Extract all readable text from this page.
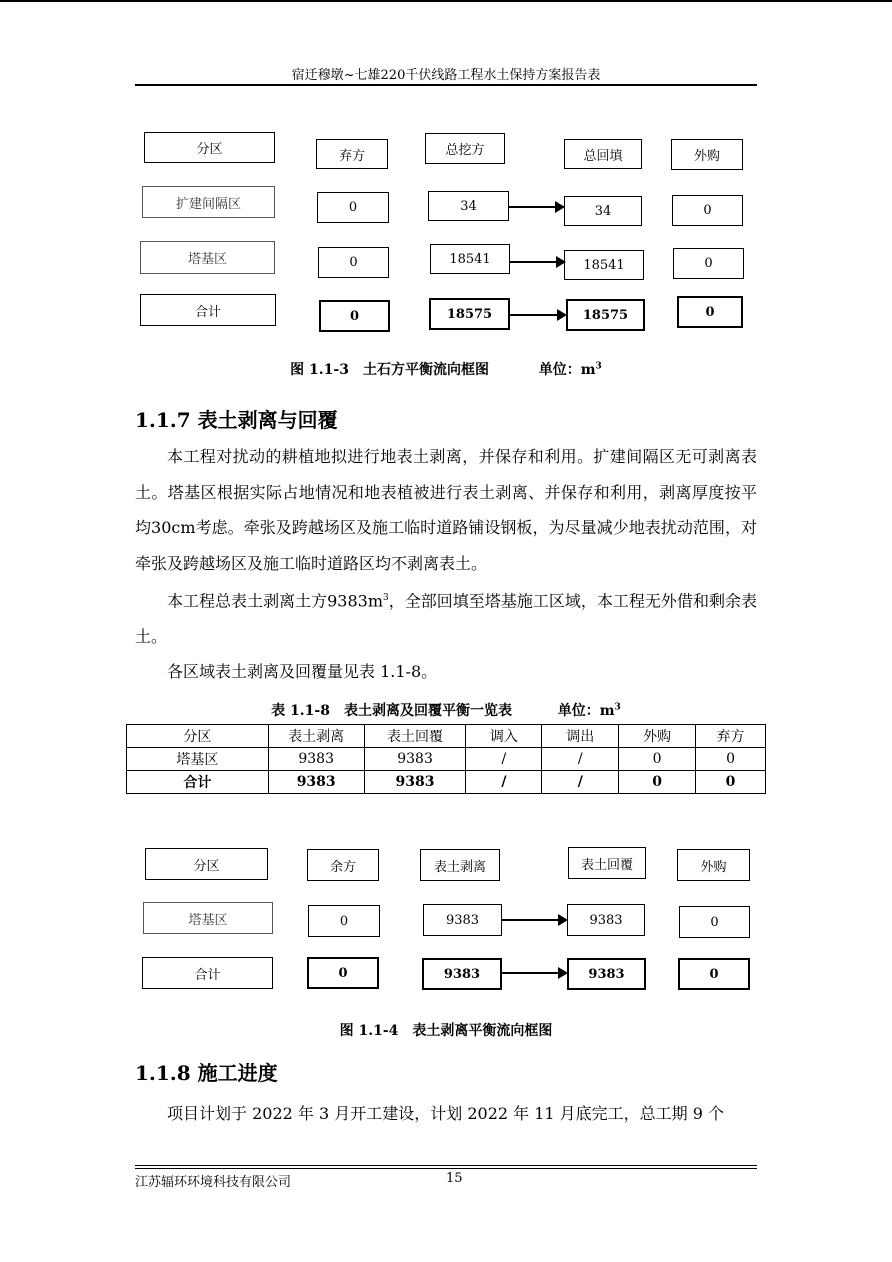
宿迁穆墩~七雄220千伏线路工程水土保持方案报告表
分区	弃方	总挖方	总回填	外购
扩建间隔区	0	34	34	0
塔基区	0	18541	18541	0
合计	0	18575	18575	0
图 1.1-3　土石方平衡流向框图	单位：$m^3$
1.1.7 表土剥离与回覆

本工程对扰动的耕植地拟进行地表土剥离，并保存和利用。扩建间隔区无可剥离表土。塔基区根据实际占地情况和地表植被进行表土剥离、并保存和利用，剥离厚度按平均30cm考虑。牵张及跨越场区及施工临时道路铺设钢板，为尽量减少地表扰动范围，对牵张及跨越场区及施工临时道路区均不剥离表土。

本工程总表土剥离土方$9383m^3$，全部回填至塔基施工区域，本工程无外借和剩余表土。

各区域表土剥离及回覆量见表 1.1-8。

表 1.1-8　表土剥离及回覆平衡一览表	单位：$m^3$
分区	表土剥离	表土回覆	调入	调出	外购	弃方
塔基区	9383	9383	/	/	0	0
合计	9383	9383	/	/	0	0
分区	余方	表土剥离	表土回覆	外购
塔基区	0	9383	9383	0
合计	0	9383	9383	0
图 1.1-4　表土剥离平衡流向框图
1.1.8 施工进度

项目计划于 2022 年 3 月开工建设，计划 2022 年 11 月底完工，总工期 9 个

江苏辐环环境科技有限公司	15
